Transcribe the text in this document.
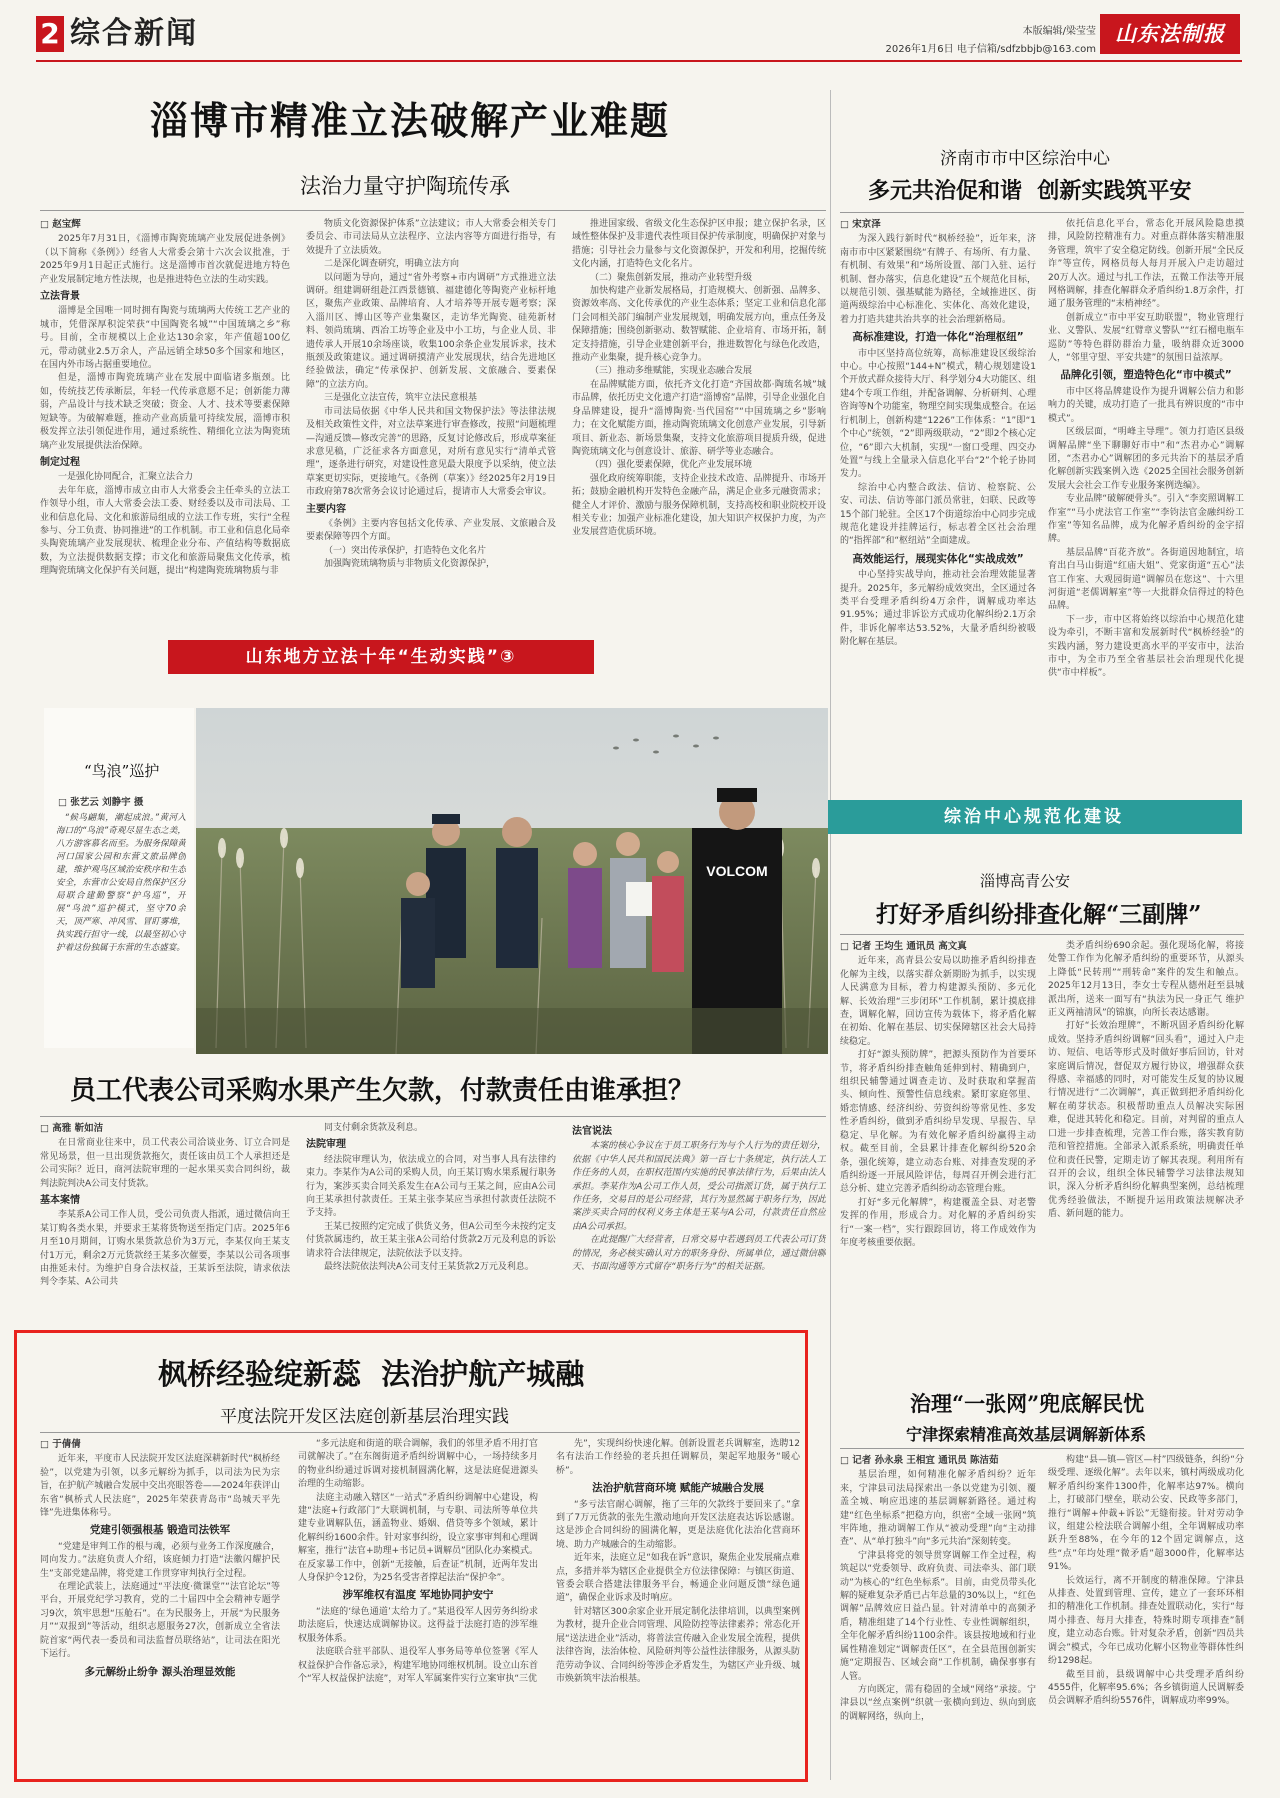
2 综合新闻	本版编辑/梁莹莹
2026年1月6日 电子信箱/sdfzbbjb@163.com
山东法制报
淄博市精准立法破解产业难题
法治力量守护陶琉传承
□ 赵宝辉

2025年7月31日，《淄博市陶瓷琉璃产业发展促进条例》（以下简称《条例》）经省人大常委会第十六次会议批准，于2025年9月1日起正式施行。这是淄博市首次就促进地方特色产业发展制定地方性法规，也是推进特色立法的生动实践。

立法背景

淄博是全国唯一同时拥有陶瓷与琉璃两大传统工艺产业的城市，凭借深厚积淀荣获“中国陶瓷名城”“中国琉璃之乡”称号。目前，全市规模以上企业达130余家，年产值超100亿元，带动就业2.5万余人，产品远销全球50多个国家和地区，在国内外市场占据重要地位。

但是，淄博市陶瓷琉璃产业在发展中面临诸多瓶颈。比如，传统技艺传承断层，年轻一代传承意愿不足；创新能力薄弱，产品设计与技术缺乏突破；资金、人才、技术等要素保障短缺等。为破解难题，推动产业高质量可持续发展，淄博市积极发挥立法引领促进作用，通过系统性、精细化立法为陶瓷琉璃产业发展提供法治保障。

制定过程

一是强化协同配合，汇聚立法合力

去年年底，淄博市成立由市人大常委会主任牵头的立法工作领导小组，市人大常委会法工委、财经委以及市司法局、工业和信息化局、文化和旅游局组成的立法工作专班，实行“全程参与、分工负责、协同推进”的工作机制。市工业和信息化局牵头陶瓷琉璃产业发展现状、梳理企业分布、产值结构等数据底数，为立法提供数据支撑；市文化和旅游局聚焦文化传承，梳理陶瓷琉璃文化保护有关问题，提出“构建陶瓷琉璃物质与非

物质文化资源保护体系”立法建议；市人大常委会相关专门委员会、市司法局从立法程序、立法内容等方面进行指导，有效提升了立法质效。

二是深化调查研究，明确立法方向

以问题为导向，通过“省外考察+市内调研”方式推进立法调研。组建调研组赴江西景德镇、福建德化等陶瓷产业标杆地区，聚焦产业政策、品牌培育、人才培养等开展专题考察；深入淄川区、博山区等产业集聚区，走访华光陶瓷、硅苑新材料、领尚琉璃、西冶工坊等企业及中小工坊，与企业人员、非遗传承人开展10余场座谈，收集100余条企业发展诉求，技术瓶颈及政策建议。通过调研摸清产业发展现状，结合先进地区经验做法，确定“传承保护、创新发展、文旅融合、要素保障”的立法方向。

三是强化立法宣传，筑牢立法民意根基

市司法局依据《中华人民共和国文物保护法》等法律法规及相关政策性文件，对立法草案进行审查修改，按照“问题梳理—沟通反馈—修改完善”的思路，反复讨论修改后，形成草案征求意见稿，广泛征求各方面意见，对所有意见实行“清单式管理”，逐条进行研究，对建设性意见最大限度予以采纳，使立法草案更切实际，更接地气。《条例（草案）》经2025年2月19日市政府第78次常务会议讨论通过后，提请市人大常委会审议。

主要内容

《条例》主要内容包括文化传承、产业发展、文旅融合及要素保障等四个方面。

（一）突出传承保护，打造特色文化名片

加强陶瓷琉璃物质与非物质文化资源保护，

推进国家级、省级文化生态保护区申报；建立保护名录，区域性整体保护及非遗代表性项目保护传承制度，明确保护对象与措施；引导社会力量参与文化资源保护，开发和利用，挖掘传统文化内涵，打造特色文化名片。

（二）聚焦创新发展，推动产业转型升级

加快构建产业新发展格局，打造规模大、创新强、品牌多、资源效率高、文化传承优的产业生态体系；坚定工业和信息化部门会同相关部门编制产业发展规划，明确发展方向，重点任务及保障措施；围绕创新驱动、数智赋能、企业培育、市场开拓，制定支持措施，引导企业建创新平台，推进数智化与绿色化改造，推动产业集聚，提升核心竞争力。

（三）推动多维赋能，实现业态融合发展

在品牌赋能方面，依托齐文化打造“齐国故都·陶琉名城”城市品牌，依托历史文化遗产打造“淄博窑”品牌，引导企业强化自身品牌建设，提升“淄博陶瓷·当代国窑”“中国琉璃之乡”影响力；在文化赋能方面，推动陶瓷琉璃文化创意产业发展，引导新项目、新业态、新场景集聚，支持文化旅游项目提质升级，促进陶瓷琉璃文化与创意设计、旅游、研学等业态融合。

（四）强化要素保障，优化产业发展环境

强化政府统筹职能，支持企业技术改造、品牌提升、市场开拓；鼓励金融机构开发特色金融产品，满足企业多元融资需求；健全人才评价、激励与服务保障机制，支持高校和职业院校开设相关专业；加强产业标准化建设，加大知识产权保护力度，为产业发展营造优质环境。

山东地方立法十年“生动实践”③
济南市市中区综治中心
多元共治促和谐  创新实践筑平安
□ 宋京泽

为深入践行新时代“枫桥经验”，近年来，济南市市中区紧紧围绕“有牌子、有场所、有力量、有机制、有效果”和“场所设置、部门入驻、运行机制、督办落实，信息化建设”五个规范化目标，以规范引领、强基赋能为路径，全域推进区、街道两级综治中心标准化、实体化、高效化建设，着力打造共建共治共享的社会治理新格局。

高标准建设，打造一体化“治理枢纽”

市中区坚持高位统筹，高标准建设区级综治中心。中心按照“144+N”模式，精心规划建设1个开放式群众接待大厅、科学划分4大功能区、组建4个专项工作组，并配备调解、分析研判、心理咨询等N个功能室，物理空间实现集成整合。在运行机制上，创新构建“1226”工作体系：“1”即“1个中心”统领，“2”即两级联动，“2”即2个核心定位，“6”即六大机制，实现“一窗口受理、四交办处置”与线上全量录入信息化平台“2”个轮子协同发力。

综治中心内整合政法、信访、检察院、公安、司法、信访等部门派员常驻，妇联、民政等15个部门轮驻。全区17个街道综治中心同步完成规范化建设并挂牌运行，标志着全区社会治理的“指挥部”和“枢纽站”全面建成。

高效能运行，展现实体化“实战成效”

中心坚持实战导向，推动社会治理效能显著提升。2025年，多元解纷成效突出，全区通过各类平台受理矛盾纠纷4万余件，调解成功率达91.95%；通过非诉讼方式成功化解纠纷2.1万余件，非诉化解率达53.52%，大量矛盾纠纷被吸附化解在基层。

依托信息化平台，常态化开展风险隐患摸排，风险防控精准有力。对重点群体落实精准服务管理，筑牢了安全稳定防线。创新开展“全民反诈”等宣传，网格员每人每月开展入户走访超过20万人次。通过与扎工作法，五微工作法等开展网格调解，排查化解群众矛盾纠纷1.8万余件，打通了服务管理的“末梢神经”。

创新成立“市中平安互助联盟”，物业管理行业、义警队、发展“红臂章义警队”“红石榴电瓶车巡防”等特色群防群治力量，吸纳群众近3000人，“邻里守望、平安共建”的氛围日益浓厚。

品牌化引领，塑造特色化“市中模式”

市中区将品牌建设作为提升调解公信力和影响力的关键，成功打造了一批具有辨识度的“市中模式”。

区级层面，“明峰主导理”。领力打造区县级调解品牌“坐下聊聊好市中”和“杰君办心”调解团，“杰君办心”调解团的多元共治下的基层矛盾化解创新实践案例入选《2025全国社会服务创新发展大会社会工作专业服务案例选编》。

专业品牌“破解硬骨头”。引入“李奕照调解工作室”“马小虎法官工作室”“李钧法官金融纠纷工作室”等知名品牌，成为化解矛盾纠纷的金字招牌。

基层品牌“百花齐放”。各街道因地制宜，培育出白马山街道“红庙大姐”、党家街道“五心”法官工作室、大观园街道“调解员在您这”、十六里河街道“老儒调解室”等一大批群众信得过的特色品牌。

下一步，市中区将始终以综治中心规范化建设为牵引，不断丰富和发展新时代“枫桥经验”的实践内涵，努力建设更高水平的平安市中，法治市中，为全市乃至全省基层社会治理现代化提供“市中样板”。

综治中心规范化建设
“鸟浪”巡护
□ 张艺云 刘静宇 摄
“候鸟翩集，潮起成浪。”黄河入海口的“鸟浪”奇观尽显生态之美，八方游客慕名而至。为服务保障黄河口国家公园和东营文旅品牌创建，维护观鸟区域治安秩序和生态安全，东营市公安局自然保护区分局联合建勤警察“护鸟巡”，开展“鸟浪”巡护模式，坚守70余天，顶严寒、冲风雪、冒盯雾堆，执实践行担守一线，以最坚初心守护着这份独属于东营的生态盛宴。
VOLCOM
员工代表公司采购水果产生欠款，付款责任由谁承担？
□ 高雅 靳如洁

在日常商业往来中，员工代表公司洽谈业务、订立合同是常见场景，但一旦出现货款拖欠，责任该由员工个人承担还是公司实际？近日，商河法院审理的一起水果买卖合同纠纷，裁判法院判决A公司支付货款。

基本案情

李某系A公司工作人员，受公司负责人指派，通过微信向王某订购各类水果，并要求王某将货物送至指定门店。2025年6月至10月期间，订购水果货款总价为3万元，李某仅向王某支付1万元，剩余2万元货款经王某多次催要，李某以公司各项事由推延未付。为维护自身合法权益，王某诉至法院，请求依法判令李某、A公司共

同支付剩余货款及利息。

法院审理

经法院审理认为，依法成立的合同，对当事人具有法律约束力。李某作为A公司的采购人员，向王某订购水果系履行职务行为，案涉买卖合同关系发生在A公司与王某之间，应由A公司向王某承担付款责任。王某主张李某应当承担付款责任法院不予支持。

王某已按照约定完成了供货义务，但A公司至今未按约定支付货款属违约，故王某主张A公司给付货款2万元及利息的诉讼请求符合法律规定，法院依法予以支持。

最终法院依法判决A公司支付王某货款2万元及利息。

法官说法

本案的核心争议在于员工职务行为与个人行为的责任划分，依据《中华人民共和国民法典》第一百七十条规定，执行法人工作任务的人员，在职权范围内实施的民事法律行为，后果由法人承担。李某作为A公司工作人员，受公司指派订货，属于执行工作任务，交易目的是公司经营，其行为显然属于职务行为，因此案涉买卖合同的权利义务主体是王某与A公司，付款责任自然应由A公司承担。

在此提醒广大经营者，日常交易中若遇到员工代表公司订货的情况，务必核实确认对方的职务身份、所属单位，通过微信聊天、书面沟通等方式留存“职务行为”的相关证据。

枫桥经验绽新蕊  法治护航产城融
平度法院开发区法庭创新基层治理实践
□ 于倩倩

近年来，平度市人民法院开发区法庭深耕新时代“枫桥经验”，以党建为引领，以多元解纷为抓手，以司法为民为宗旨，在护航产城融合发展中交出亮眼答卷——2024年获评山东省“枫桥式人民法庭”，2025年荣获青岛市“岛城天平先锋”先进集体称号。

党建引领强根基 锻造司法铁军

“党建是审判工作的根与魂，必须与业务工作深度融合，同向发力。”法庭负责人介绍，该庭倾力打造“法徽闪耀护民生”支部党建品牌，将党建工作贯穿审判执行全过程。

在理论武装上，法庭通过“平法度·微课堂”“法官论坛”等平台，开展党纪学习教育，党的二十届四中全会精神专题学习9次，筑牢思想“压舱石”。在为民服务上，开展“为民服务月”“双报到”等活动，组织志愿服务27次，创新成立全省法院首家“两代表一委员和司法监督员联络站”，让司法在阳光下运行。

多元解纷止纷争 源头治理显效能

“多元法庭和街道的联合调解，我们的邻里矛盾不用打官司就解决了。”在东阁街道矛盾纠纷调解中心，一场持续多月的物业纠纷通过诉调对接机制圆满化解，这是法庭促进源头治理的生动缩影。

法庭主动融入辖区“一站式”矛盾纠纷调解中心建设，构建“法庭+行政部门”大联调机制，与专职、司法所等单位共建专业调解队伍，涵盖物业、婚姻、借贷等多个领域，累计化解纠纷1600余件。针对家事纠纷，设立家事审判和心理调解室，推行“法官+助理+书记员+调解员”团队化办案模式。在反家暴工作中，创新“无接触，后查证”机制，近两年发出人身保护令12份，为25名受害者撑起法治“保护伞”。

涉军维权有温度 军地协同护安宁

“法庭的‘绿色通道’太给力了。”某退役军人因劳务纠纷求助法庭后，快速达成调解协议。这得益于法庭打造的涉军维权服务体系。

法庭联合驻平部队、退役军人事务局等单位签署《军人权益保护合作备忘录》，构建军地协同维权机制。设立山东首个“军人权益保护法庭”，对军人军属案件实行立案审执“三优

先”，实现纠纷快速化解。创新设置老兵调解室，选聘12名有法治工作经验的老兵担任调解员，架起军地服务“暖心桥”。

法治护航营商环境 赋能产城融合发展

“多亏法官耐心调解，拖了三年的欠款终于要回来了。”拿到了7万元货款的张先生激动地向开发区法庭表达诉讼感谢。这是涉企合同纠纷的圆满化解，更是法庭优化法治化营商环境、助力产城融合的生动缩影。

近年来，法庭立足“如我在诉”意识，聚焦企业发展痛点难点，多措并举为辖区企业提供全方位法律保障：与镇区街道、管委会联合搭建法律服务平台，畅通企业问题反馈“绿色通道”，确保企业诉求及时响应。

针对辖区300余家企业开展定制化法律培训，以典型案例为教材，提升企业合同管理、风险防控等法律素养；常态化开展“送法进企业”活动，将普法宣传融入企业发展全流程，提供法律咨询，法治体检、风险研判等公益性法律服务，从源头防范劳动争议、合同纠纷等涉企矛盾发生，为辖区产业升级、城市焕新筑牢法治根基。

淄博高青公安
打好矛盾纠纷排查化解“三副牌”
□ 记者 王均生 通讯员 高文真

近年来，高青县公安局以助推矛盾纠纷排查化解为主线，以落实群众新期盼为抓手，以实现人民满意为目标，着力构建源头预防、多元化解、长效治理“三步闭环”工作机制，累计摸底排查，调解化解，回访宣传为载体下，将矛盾化解在初始、化解在基层、切实保障辖区社会大局持续稳定。

打好“源头预防牌”，把源头预防作为首要环节，将矛盾纠纷排查触角延伸到村、精确到户，组织民辅警通过调查走访、及时获取和掌握苗头、倾向性、预警性信息线索。紧盯家庭邻里、婚恋情感、经济纠纷、劳资纠纷等常见性、多发性矛盾纠纷，做到矛盾纠纷早发现、早报告、早稳定、早化解。为有效化解矛盾纠纷赢得主动权。截至目前，全县累计排查化解纠纷520余条，强化统筹，建立动态台账、对排查发现的矛盾纠纷逐一开展风险评估，每周召开例会进行汇总分析、建立完善矛盾纠纷动态管理台账。

打好“多元化解牌”，构建覆盖全县、对老警发挥的作用，形成合力。对化解的矛盾纠纷实行“一案一档”，实行跟踪回访，将工作成效作为年度考核重要依据。

类矛盾纠纷690余起。强化现场化解，将接处警工作作为化解矛盾纠纷的重要环节，从源头上降低“民转刑”“刑转命”案件的发生和触点。2025年12月13日，李女士专程从德州赶至县城派出所，送来一面写有“执法为民一身正气 维护正义两袖清风”的锦旗，向所长表达感谢。

打好“长效治理牌”，不断巩固矛盾纠纷化解成效。坚持矛盾纠纷调解“回头看”，通过入户走访、短信、电话等形式及时做好事后回访，针对家庭调后情况，督促双方履行协议，增强群众获得感、幸福感的同时，对可能发生反复的协议履行情况进行“二次调解”，真正做到把矛盾纠纷化解在萌芽状态。积极帮助重点人员解决实际困难，促进其转化和稳定。目前，对判留的重点人口进一步排查梳理，完善工作台账，落实教育防范和管控措施。全部录入派系系统，明确责任单位和责任民警，定期走访了解其表现。利用所有召开的会议，组织全体民辅警学习法律法规知识，深入分析矛盾纠纷化解典型案例，总结梳理优秀经验做法，不断提升运用政策法规解决矛盾、新问题的能力。

治理“一张网”兜底解民忧
宁津探索精准高效基层调解新体系
□ 记者 孙永泉 王相宜 通讯员 陈洁茹

基层治理，如何精准化解矛盾纠纷？近年来，宁津县司法局探索出一条以党建为引领、覆盖全城、响应迅速的基层调解新路径。通过构建“红色坐标系”把稳方向，织密“全域一张网”筑牢阵地，推动调解工作从“被动受理”向“主动排查”、从“单打独斗”向“多元共治”深刻转变。

宁津县将党的领导贯穿调解工作全过程，构筑起以“党委领导、政府负责、司法牵头、部门联动”为核心的“红色坐标系”。目前，由党员带头化解的疑难复杂矛盾已占年总量的30%以上，“红色调解”品牌效应日益凸显。针对清单中的高频矛盾，精准组建了14个行业性、专业性调解组织，全年化解矛盾纠纷1100余件。该县按地域和行业属性精准划定“调解责任区”，在全县范围创新实施“定期报告、区域会商”工作机制，确保事事有人管。

方向既定，需有稳固的全域“网络”承接。宁津县以“丝点案例”织就一张横向到边、纵向到底的调解网络，纵向上，

构建“县—镇—管区—村”四级链条，纠纷“分级受理、逐级化解”。去年以来，镇村两级成功化解矛盾纠纷案件1300件，化解率达97%。横向上，打破部门壁垒，联动公安、民政等多部门，推行“调解+仲裁+诉讼”无缝衔接。针对劳动争议，组建公检法联合调解小组，全年调解成功率跃升至88%，在今年的12个固定调解点，这些“点”年均处理“微矛盾”超3000件，化解率达91%。

长效运行，离不开制度的精准保障。宁津县从排查、处置到管理、宣传，建立了一套环环相扣的精准化工作机制。排查处置联动化，实行“每周小排查、每月大排查，特殊时期专项排查”制度，建立动态台账。针对复杂矛盾，创新“四员共调会”模式，今年已成功化解小区物业等群体性纠纷1298起。

截至目前，县级调解中心共受理矛盾纠纷4555件，化解率95.6%；各乡镇街道人民调解委员会调解矛盾纠纷5576件，调解成功率99%。
